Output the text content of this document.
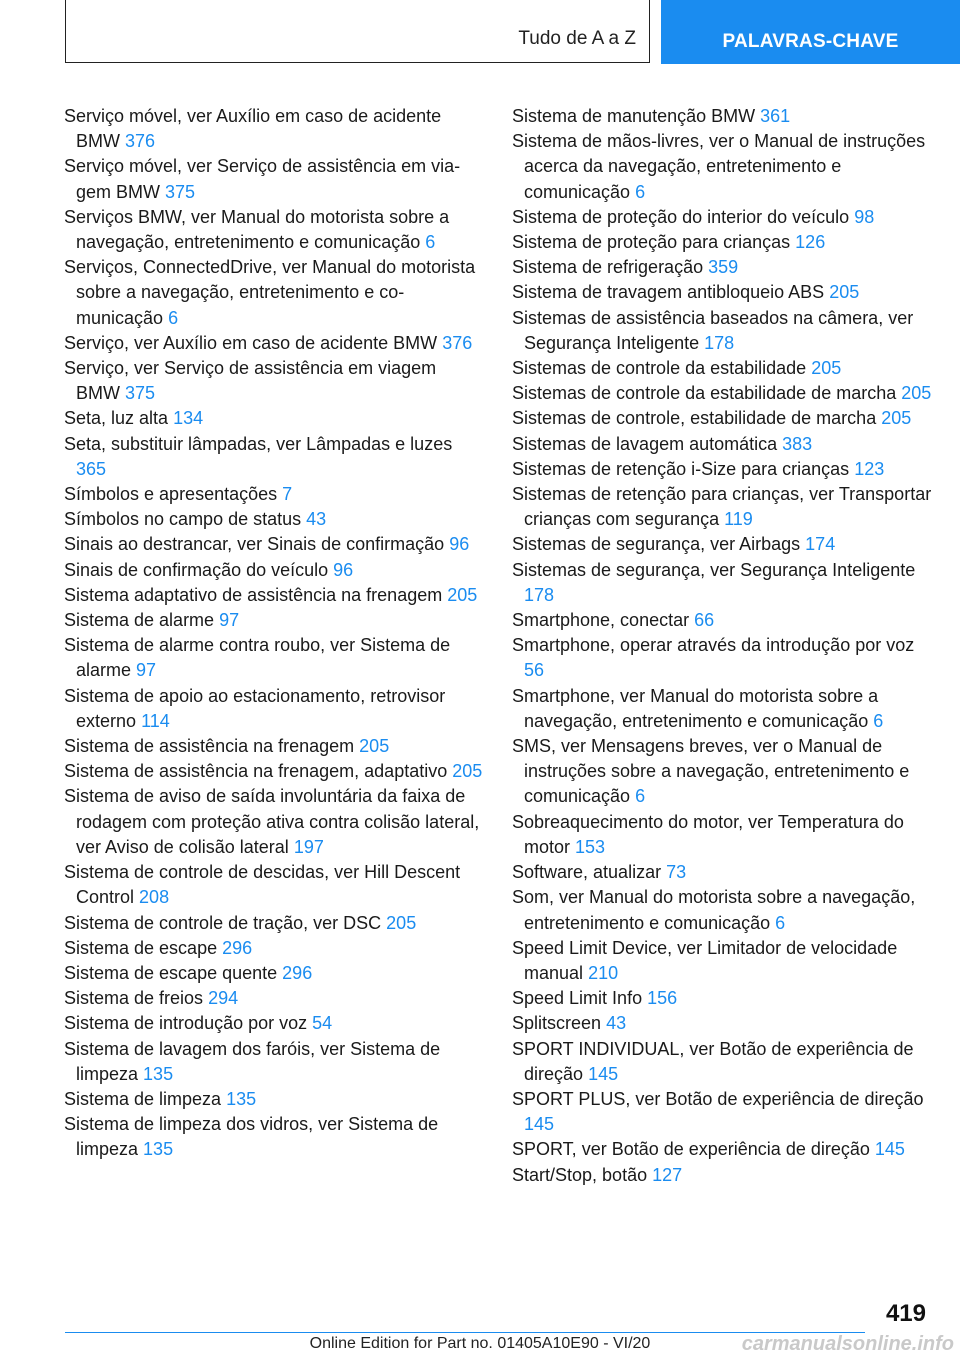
Tudo de A a Z	PALAVRAS-CHAVE
Serviço móvel, ver Auxílio em caso de acidente BMW 376
Serviço móvel, ver Serviço de assistência em viagem BMW 375
Serviços BMW, ver Manual do motorista sobre a navegação, entretenimento e comunicação 6
Serviços, ConnectedDrive, ver Manual do motorista sobre a navegação, entretenimento e comunicação 6
Serviço, ver Auxílio em caso de acidente BMW 376
Serviço, ver Serviço de assistência em viagem BMW 375
Seta, luz alta 134
Seta, substituir lâmpadas, ver Lâmpadas e luzes 365
Símbolos e apresentações 7
Símbolos no campo de status 43
Sinais ao destrancar, ver Sinais de confirmação 96
Sinais de confirmação do veículo 96
Sistema adaptativo de assistência na frenagem 205
Sistema de alarme 97
Sistema de alarme contra roubo, ver Sistema de alarme 97
Sistema de apoio ao estacionamento, retrovisor externo 114
Sistema de assistência na frenagem 205
Sistema de assistência na frenagem, adaptativo 205
Sistema de aviso de saída involuntária da faixa de rodagem com proteção ativa contra colisão lateral, ver Aviso de colisão lateral 197
Sistema de controle de descidas, ver Hill Descent Control 208
Sistema de controle de tração, ver DSC 205
Sistema de escape 296
Sistema de escape quente 296
Sistema de freios 294
Sistema de introdução por voz 54
Sistema de lavagem dos faróis, ver Sistema de limpeza 135
Sistema de limpeza 135
Sistema de limpeza dos vidros, ver Sistema de limpeza 135
Sistema de manutenção BMW 361
Sistema de mãos-livres, ver o Manual de instruções acerca da navegação, entretenimento e comunicação 6
Sistema de proteção do interior do veículo 98
Sistema de proteção para crianças 126
Sistema de refrigeração 359
Sistema de travagem antibloqueio ABS 205
Sistemas de assistência baseados na câmera, ver Segurança Inteligente 178
Sistemas de controle da estabilidade 205
Sistemas de controle da estabilidade de marcha 205
Sistemas de controle, estabilidade de marcha 205
Sistemas de lavagem automática 383
Sistemas de retenção i-Size para crianças 123
Sistemas de retenção para crianças, ver Transportar crianças com segurança 119
Sistemas de segurança, ver Airbags 174
Sistemas de segurança, ver Segurança Inteligente 178
Smartphone, conectar 66
Smartphone, operar através da introdução por voz 56
Smartphone, ver Manual do motorista sobre a navegação, entretenimento e comunicação 6
SMS, ver Mensagens breves, ver o Manual de instruções sobre a navegação, entretenimento e comunicação 6
Sobreaquecimento do motor, ver Temperatura do motor 153
Software, atualizar 73
Som, ver Manual do motorista sobre a navegação, entretenimento e comunicação 6
Speed Limit Device, ver Limitador de velocidade manual 210
Speed Limit Info 156
Splitscreen 43
SPORT INDIVIDUAL, ver Botão de experiência de direção 145
SPORT PLUS, ver Botão de experiência de direção 145
SPORT, ver Botão de experiência de direção 145
Start/Stop, botão 127
419
Online Edition for Part no. 01405A10E90 - VI/20	carmanualsonline.info
